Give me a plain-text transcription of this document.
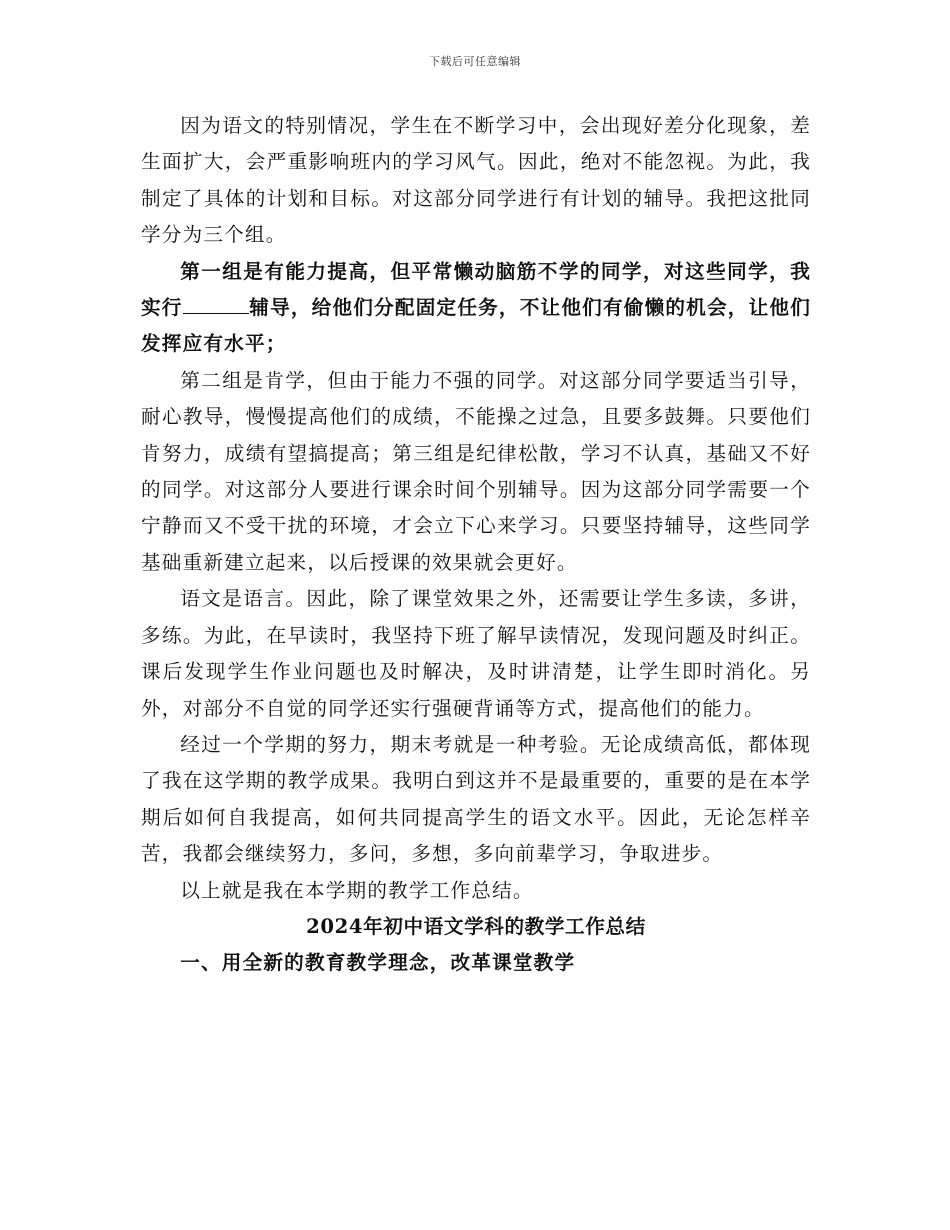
下载后可任意编辑

因为语文的特别情况，学生在不断学习中，会出现好差分化现象，差生面扩大，会严重影响班内的学习风气。因此，绝对不能忽视。为此，我制定了具体的计划和目标。对这部分同学进行有计划的辅导。我把这批同学分为三个组。

第一组是有能力提高，但平常懒动脑筋不学的同学，对这些同学，我实行	辅导，给他们分配固定任务，不让他们有偷懒的机会，让他们发挥应有水平；

第二组是肯学，但由于能力不强的同学。对这部分同学要适当引导，耐心教导，慢慢提高他们的成绩，不能操之过急，且要多鼓舞。只要他们肯努力，成绩有望搞提高；第三组是纪律松散，学习不认真，基础又不好的同学。对这部分人要进行课余时间个别辅导。因为这部分同学需要一个宁静而又不受干扰的环境，才会立下心来学习。只要坚持辅导，这些同学基础重新建立起来，以后授课的效果就会更好。

语文是语言。因此，除了课堂效果之外，还需要让学生多读，多讲，多练。为此，在早读时，我坚持下班了解早读情况，发现问题及时纠正。课后发现学生作业问题也及时解决，及时讲清楚，让学生即时消化。另外，对部分不自觉的同学还实行强硬背诵等方式，提高他们的能力。

经过一个学期的努力，期末考就是一种考验。无论成绩高低，都体现了我在这学期的教学成果。我明白到这并不是最重要的，重要的是在本学期后如何自我提高，如何共同提高学生的语文水平。因此，无论怎样辛苦，我都会继续努力，多问，多想，多向前辈学习，争取进步。

以上就是我在本学期的教学工作总结。

2024年初中语文学科的教学工作总结

一、用全新的教育教学理念，改革课堂教学
